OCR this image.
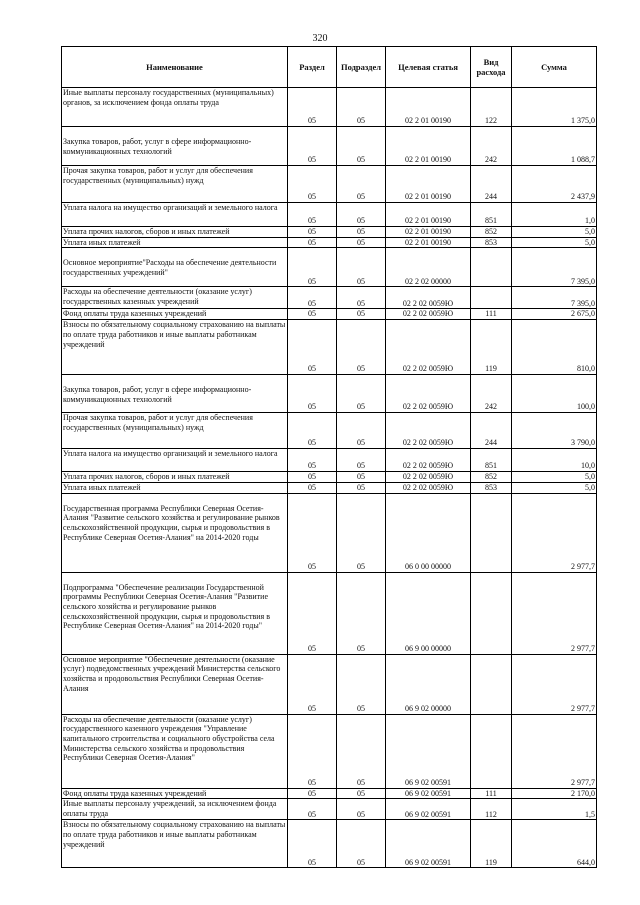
320
Наименование	Раздел	Подраздел	Целевая статья	Вид расхода	Сумма
Иные выплаты персоналу государственных (муниципальных) органов, за исключением фонда оплаты труда	05	05	02 2 01 00190	122	1 375,0
Закупка товаров, работ, услуг в сфере информационно-коммуникационных технологий	05	05	02 2 01 00190	242	1 088,7
Прочая закупка товаров, работ и услуг для обеспечения государственных (муниципальных) нужд	05	05	02 2 01 00190	244	2 437,9
Уплата налога на имущество организаций и земельного налога	05	05	02 2 01 00190	851	1,0
Уплата прочих налогов, сборов и иных платежей	05	05	02 2 01 00190	852	5,0
Уплата иных платежей	05	05	02 2 01 00190	853	5,0
Основное мероприятие"Расходы на обеспечение деятельности государственных учреждений"	05	05	02 2 02 00000		7 395,0
Расходы на обеспечение деятельности (оказание услуг) государственных казенных учреждений	05	05	02 2 02 0059Ю		7 395,0
Фонд оплаты труда казенных учреждений	05	05	02 2 02 0059Ю	111	2 675,0
Взносы по обязательному социальному страхованию на выплаты по оплате труда работников и иные выплаты работникам учреждений	05	05	02 2 02 0059Ю	119	810,0
Закупка товаров, работ, услуг в сфере информационно-коммуникационных технологий	05	05	02 2 02 0059Ю	242	100,0
Прочая закупка товаров, работ и услуг для обеспечения государственных (муниципальных) нужд	05	05	02 2 02 0059Ю	244	3 790,0
Уплата налога на имущество организаций и земельного налога	05	05	02 2 02 0059Ю	851	10,0
Уплата прочих налогов, сборов и иных платежей	05	05	02 2 02 0059Ю	852	5,0
Уплата иных платежей	05	05	02 2 02 0059Ю	853	5,0
Государственная программа Республики Северная Осетия-Алания "Развитие сельского хозяйства и регулирование рынков сельскохозяйственной продукции, сырья и продовольствия в Республике Северная Осетия-Алания" на 2014-2020 годы	05	05	06 0 00 00000		2 977,7
Подпрограмма "Обеспечение реализации Государственной программы Республики Северная Осетия-Алания "Развитие сельского хозяйства и регулирование рынков сельскохозяйственной продукции, сырья и продовольствия в Республике Северная Осетия-Алания" на 2014-2020 годы"	05	05	06 9 00 00000		2 977,7
Основное мероприятие "Обеспечение деятельности (оказание услуг) подведомственных учреждений Министерства сельского хозяйства и продовольствия Республики Северная Осетия-Алания	05	05	06 9 02 00000		2 977,7
Расходы на обеспечение деятельности (оказание услуг) государственного казенного учреждения "Управление капитального строительства и социального обустройства села Министерства сельского хозяйства и продовольствия Республики Северная Осетия-Алания"	05	05	06 9 02 00591		2 977,7
Фонд оплаты труда казенных учреждений	05	05	06 9 02 00591	111	2 170,0
Иные выплаты персоналу учреждений, за исключением фонда оплаты труда	05	05	06 9 02 00591	112	1,5
Взносы по обязательному социальному страхованию на выплаты по оплате труда работников и иные выплаты работникам учреждений	05	05	06 9 02 00591	119	644,0
